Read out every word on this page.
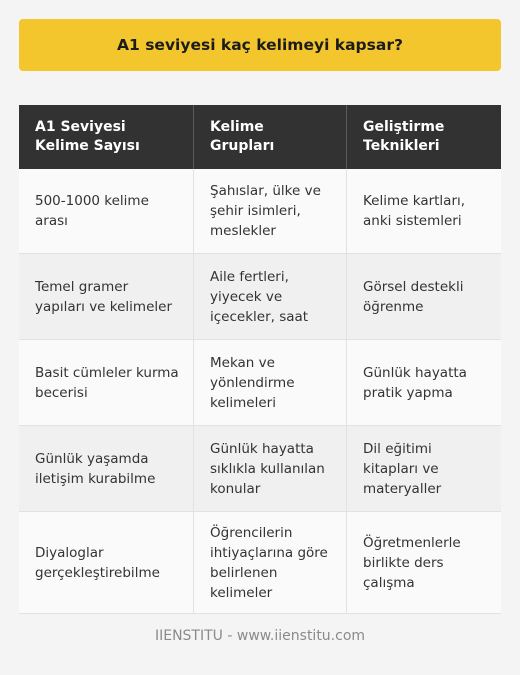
A1 seviyesi kaç kelimeyi kapsar?
A1 Seviyesi Kelime Sayısı	Kelime Grupları	Geliştirme Teknikleri
500-1000 kelime arası	Şahıslar, ülke ve şehir isimleri, meslekler	Kelime kartları, anki sistemleri
Temel gramer yapıları ve kelimeler	Aile fertleri, yiyecek ve içecekler, saat	Görsel destekli öğrenme
Basit cümleler kurma becerisi	Mekan ve yönlendirme kelimeleri	Günlük hayatta pratik yapma
Günlük yaşamda iletişim kurabilme	Günlük hayatta sıklıkla kullanılan konular	Dil eğitimi kitapları ve materyaller
Diyaloglar gerçekleştirebilme	Öğrencilerin ihtiyaçlarına göre belirlenen kelimeler	Öğretmenlerle birlikte ders çalışma
IIENSTITU - www.iienstitu.com
